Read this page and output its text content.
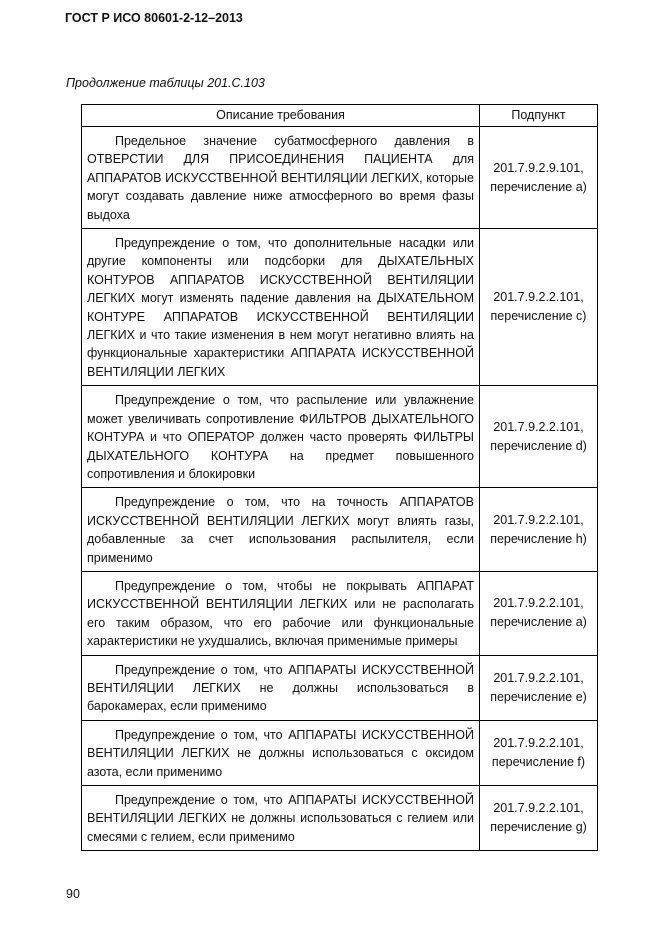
ГОСТ Р ИСО 80601-2-12–2013
Продолжение таблицы 201.С.103
Описание требования	Подпункт
Предельное значение субатмосферного давления в ОТВЕРСТИИ ДЛЯ ПРИСОЕДИНЕНИЯ ПАЦИЕНТА для АППАРАТОВ ИСКУССТВЕННОЙ ВЕНТИЛЯЦИИ ЛЕГКИХ, которые могут создавать давление ниже атмосферного во время фазы выдоха	201.7.9.2.9.101,
перечисление а)
Предупреждение о том, что дополнительные насадки или другие компоненты или подсборки для ДЫХАТЕЛЬНЫХ КОНТУРОВ АППАРАТОВ ИСКУССТВЕННОЙ ВЕНТИЛЯЦИИ ЛЕГКИХ могут изменять падение давления на ДЫХАТЕЛЬНОМ КОНТУРЕ АППАРАТОВ ИСКУССТВЕННОЙ ВЕНТИЛЯЦИИ ЛЕГКИХ и что такие изменения в нем могут негативно влиять на функциональные характеристики АППАРАТА ИСКУССТВЕННОЙ ВЕНТИЛЯЦИИ ЛЕГКИХ	201.7.9.2.2.101,
перечисление с)
Предупреждение о том, что распыление или увлажнение может увеличивать сопротивление ФИЛЬТРОВ ДЫХАТЕЛЬНОГО КОНТУРА и что ОПЕРАТОР должен часто проверять ФИЛЬТРЫ ДЫХАТЕЛЬНОГО КОНТУРА на предмет повышенного сопротивления и блокировки	201.7.9.2.2.101,
перечисление d)
Предупреждение о том, что на точность АППАРАТОВ ИСКУССТВЕННОЙ ВЕНТИЛЯЦИИ ЛЕГКИХ могут влиять газы, добавленные за счет использования распылителя, если применимо	201.7.9.2.2.101,
перечисление h)
Предупреждение о том, чтобы не покрывать АППАРАТ ИСКУССТВЕННОЙ ВЕНТИЛЯЦИИ ЛЕГКИХ или не располагать его таким образом, что его рабочие или функциональные характеристики не ухудшались, включая применимые примеры	201.7.9.2.2.101,
перечисление а)
Предупреждение о том, что АППАРАТЫ ИСКУССТВЕННОЙ ВЕНТИЛЯЦИИ ЛЕГКИХ не должны использоваться в барокамерах, если применимо	201.7.9.2.2.101,
перечисление е)
Предупреждение о том, что АППАРАТЫ ИСКУССТВЕННОЙ ВЕНТИЛЯЦИИ ЛЕГКИХ не должны использоваться с оксидом азота, если применимо	201.7.9.2.2.101,
перечисление f)
Предупреждение о том, что АППАРАТЫ ИСКУССТВЕННОЙ ВЕНТИЛЯЦИИ ЛЕГКИХ не должны использоваться с гелием или смесями с гелием, если применимо	201.7.9.2.2.101,
перечисление g)
90
